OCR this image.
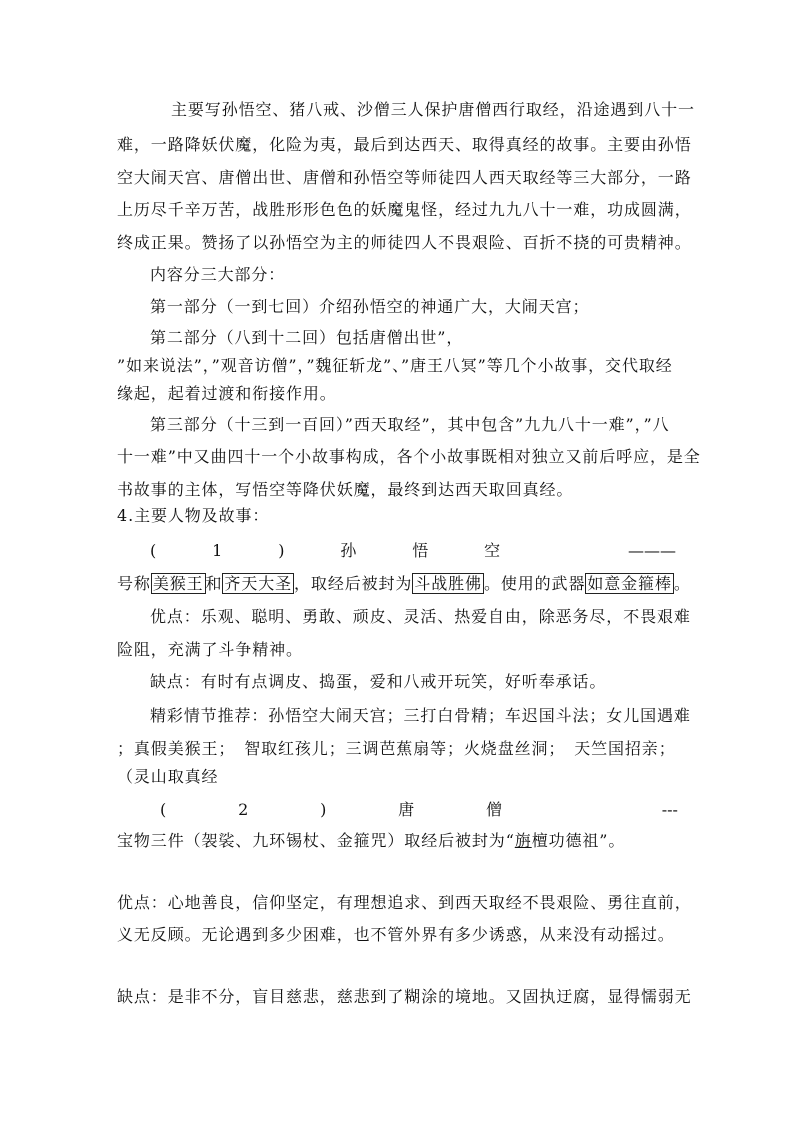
主要写孙悟空、猪八戒、沙僧三人保护唐僧西行取经，沿途遇到八十一
难，一路降妖伏魔，化险为夷，最后到达西天、取得真经的故事。主要由孙悟
空大闹天宫、唐僧出世、唐僧和孙悟空等师徒四人西天取经等三大部分，一路
上历尽千辛万苦，战胜形形色色的妖魔鬼怪，经过九九八十一难，功成圆满，
终成正果。赞扬了以孙悟空为主的师徒四人不畏艰险、百折不挠的可贵精神。
内容分三大部分：
第一部分（一到七回）介绍孙悟空的神通广大，大闹天宫；
第二部分（八到十二回）包括唐僧出世”，
”如来说法”，”观音访僧”，”魏征斩龙”、”唐王八冥”等几个小故事，交代取经
缘起，起着过渡和衔接作用。
第三部分（十三到一百回）”西天取经”，其中包含”九九八十一难”，”八
十一难”中又曲四十一个小故事构成，各个小故事既相对独立又前后呼应，是全
书故事的主体，写悟空等降伏妖魔，最终到达西天取回真经。
4.主要人物及故事：
(	1	)	孙	悟	空	———
号称 美猴王 和 齐天大圣 ，取经后被封为 斗战胜佛 。使用的武器 如意金箍棒 。
优点：乐观、聪明、勇敢、顽皮、灵活、热爱自由，除恶务尽，不畏艰难
险阻，充满了斗争精神。
缺点：有时有点调皮、捣蛋，爱和八戒开玩笑，好听奉承话。
精彩情节推荐：孙悟空大闹天宫；三打白骨精；车迟国斗法；女儿国遇难
；真假美猴王；　智取红孩儿；三调芭蕉扇等；火烧盘丝洞；　天竺国招亲；
（灵山取真经
(	2	)	唐	僧	---
宝物三件（袈裟、九环锡杖、金箍咒）取经后被封为“旃檀功德祖”。
优点：心地善良，信仰坚定，有理想追求、到西天取经不畏艰险、勇往直前，
义无反顾。无论遇到多少困难，也不管外界有多少诱惑，从来没有动摇过。
缺点：是非不分，盲目慈悲，慈悲到了糊涂的境地。又固执迂腐，显得懦弱无
